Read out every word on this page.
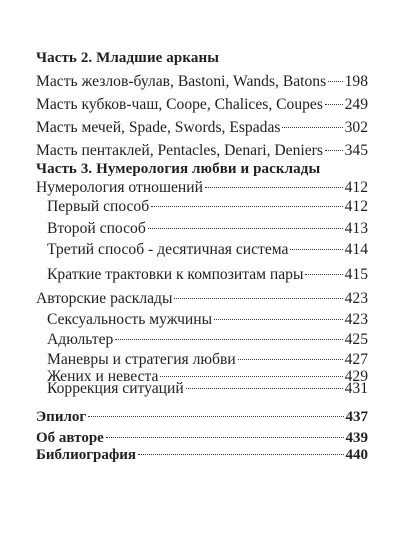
Часть 2. Младшие арканы
Масть жезлов-булав, Bastoni, Wands, Batons 198
Масть кубков-чаш, Coope, Chalices, Coupes 249
Масть мечей, Spade, Swords, Espadas	302
Масть пентаклей, Pentacles, Denari, Deniers 345
Часть 3. Нумерология любви и расклады
Нумерология отношений	412
Первый способ	412
Второй способ	413
Третий способ - десятичная система	414
Краткие трактовки к композитам пары	415
Авторские расклады	423
Сексуальность мужчины	423
Адюльтер	425
Маневры и стратегия любви	427
Жених и невеста	429
Коррекция ситуаций	431
Эпилог	437
Об авторе	439
Библиография	440
